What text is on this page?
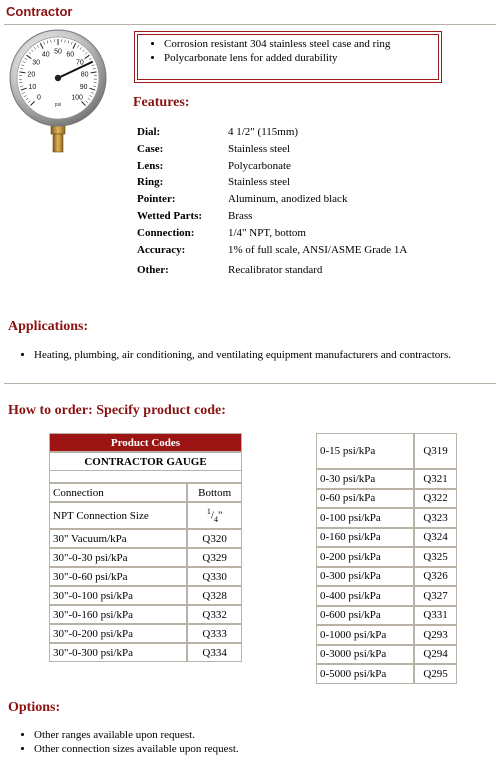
Contractor
0
10
20
30
40 50 60
70
80
90
100
psi
• Corrosion resistant 304 stainless steel case and ring
• Polycarbonate lens for added durability
Features:
Dial:	4 1/2" (115mm)
Case:	Stainless steel
Lens:	Polycarbonate
Ring:	Stainless steel
Pointer:	Aluminum, anodized black
Wetted Parts:	Brass
Connection:	1/4" NPT, bottom
Accuracy:	1% of full scale, ANSI/ASME Grade 1A
Other:	Recalibrator standard
Applications:
• Heating, plumbing, air conditioning, and ventilating equipment manufacturers and contractors.
How to order: Specify product code:
Product Codes	
CONTRACTOR GAUGE	

Connection	Bottom
NPT Connection Size	$^1/_4$"
30" Vacuum/kPa	Q320
30"-0-30 psi/kPa	Q329
30"-0-60 psi/kPa	Q330
30"-0-100 psi/kPa	Q328
30"-0-160 psi/kPa	Q332
30"-0-200 psi/kPa	Q333
30"-0-300 psi/kPa	Q334
0-15 psi/kPa	Q319
0-30 psi/kPa	Q321
0-60 psi/kPa	Q322
0-100 psi/kPa	Q323
0-160 psi/kPa	Q324
0-200 psi/kPa	Q325
0-300 psi/kPa	Q326
0-400 psi/kPa	Q327
0-600 psi/kPa	Q331
0-1000 psi/kPa	Q293
0-3000 psi/kPa	Q294
0-5000 psi/kPa	Q295
Options:
• Other ranges available upon request.
• Other connection sizes available upon request.
